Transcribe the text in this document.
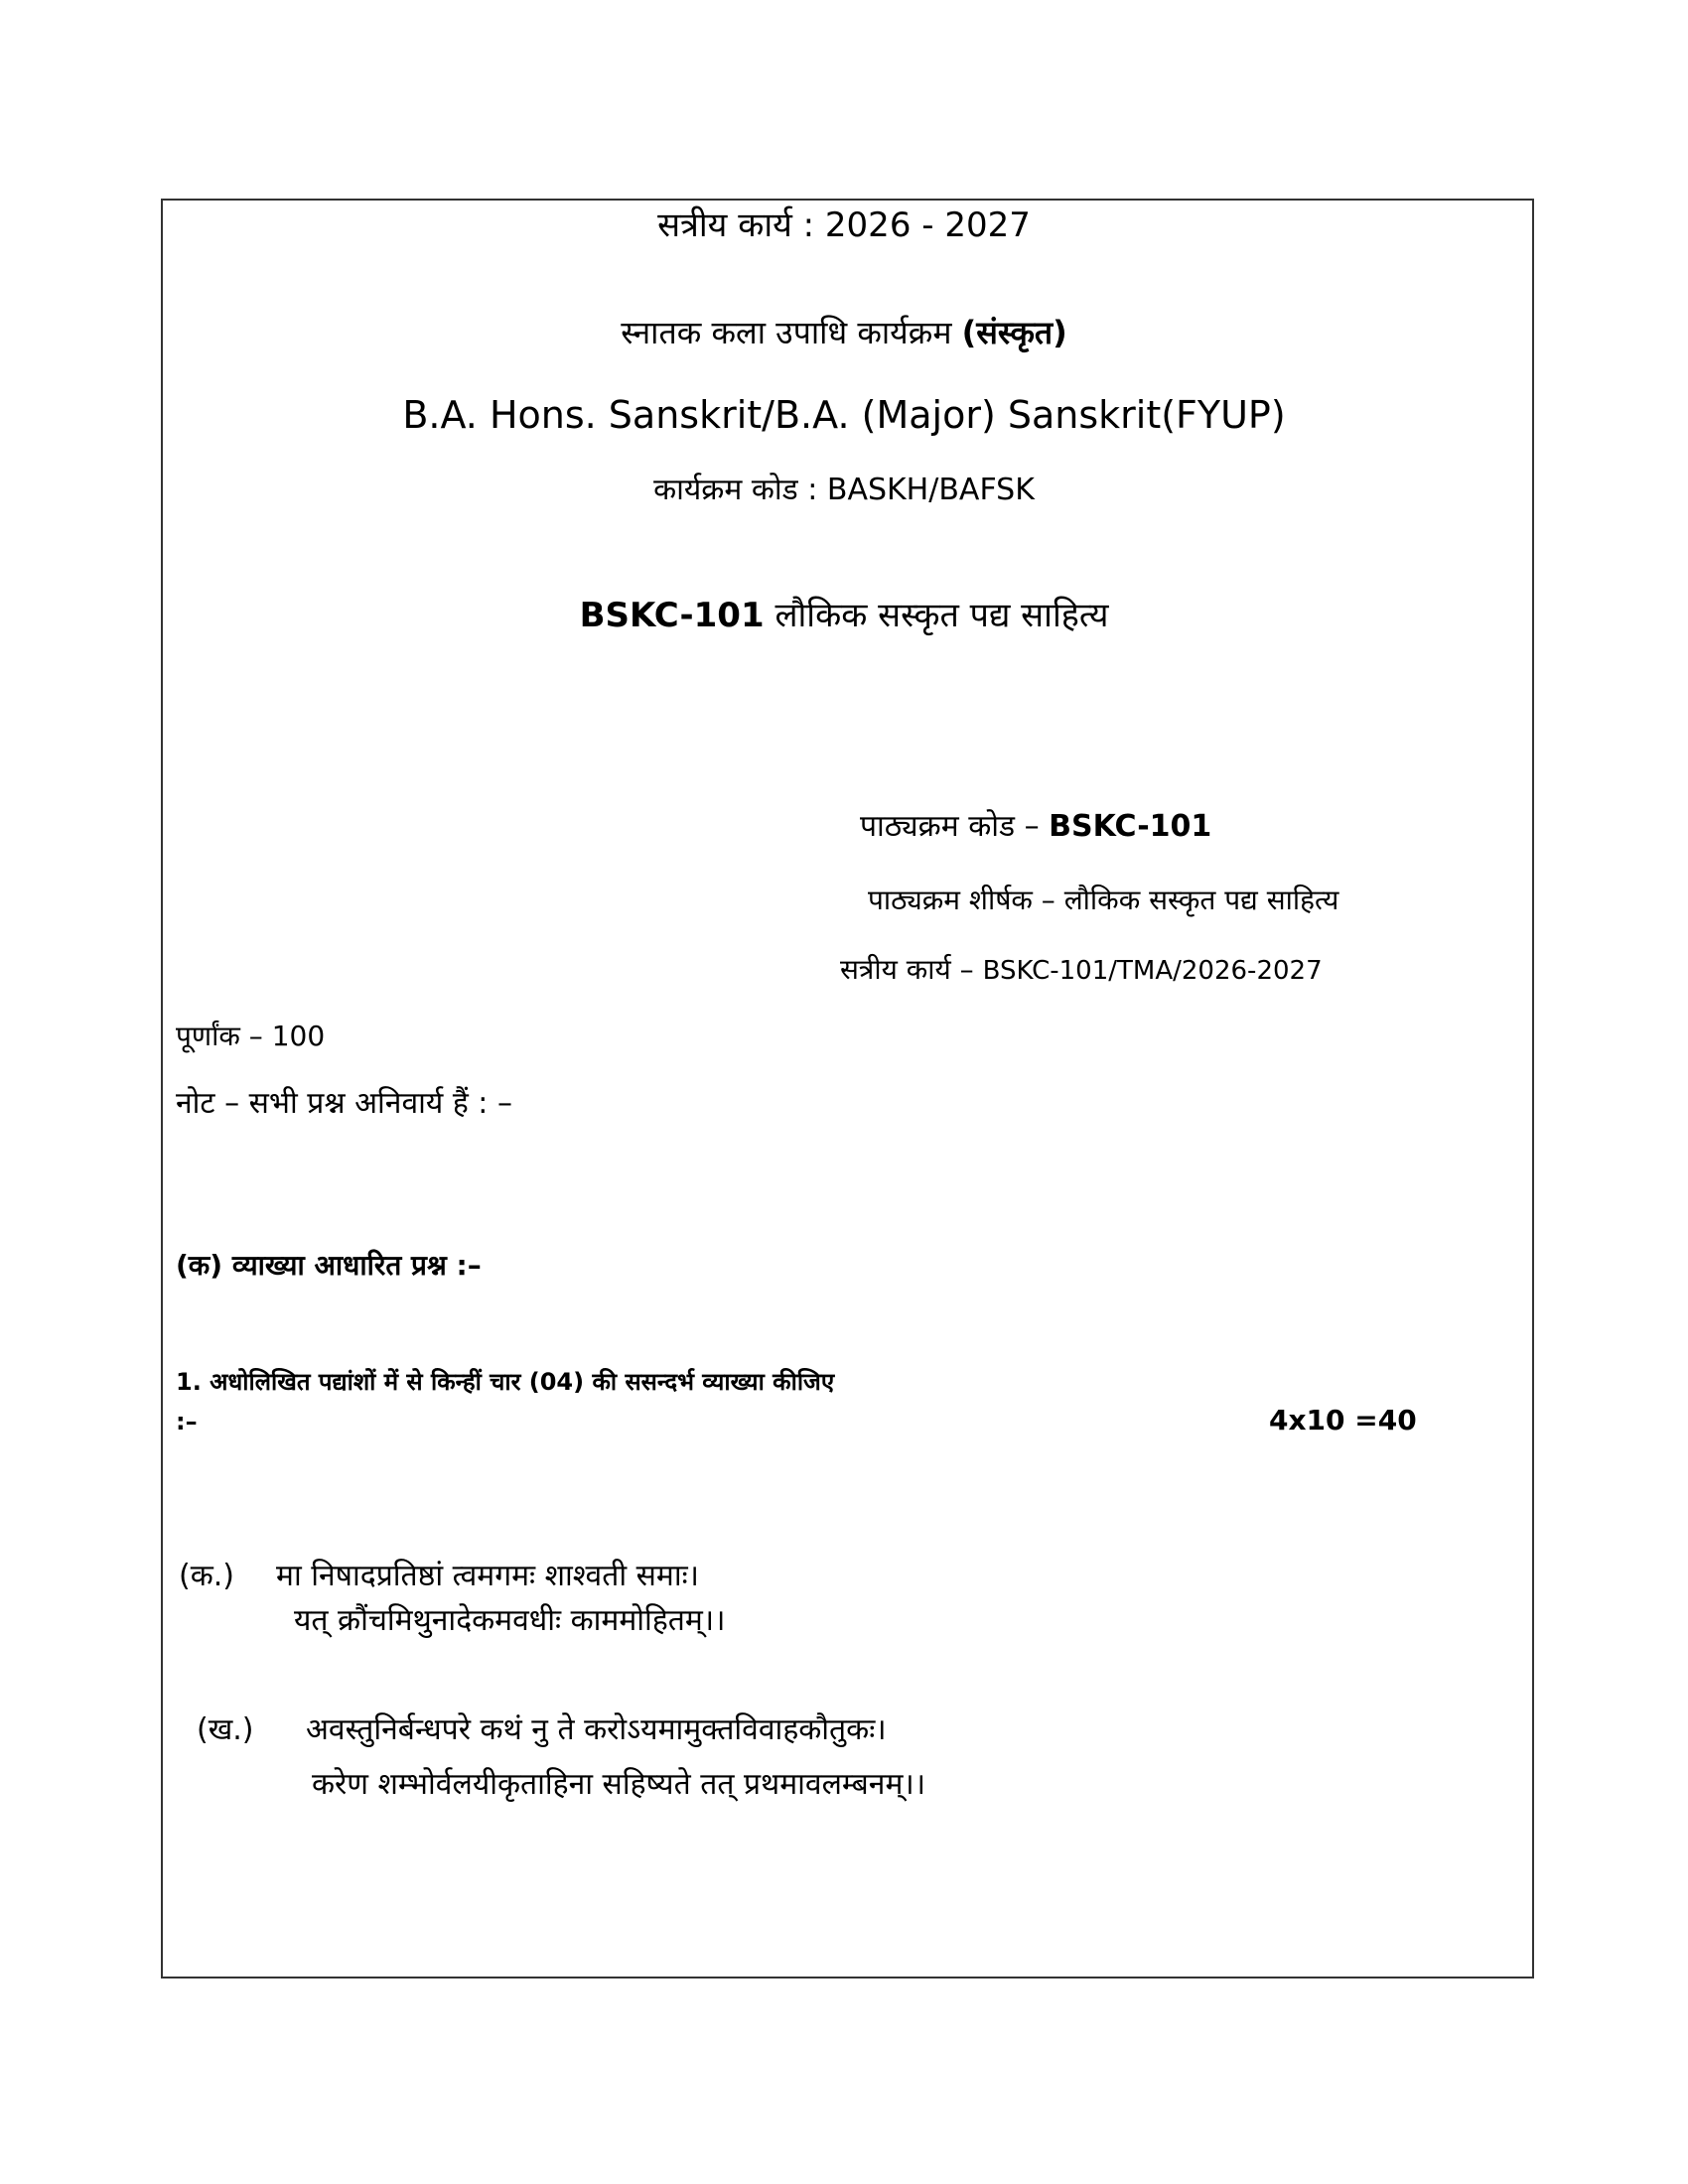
सत्रीय कार्य : 2026 - 2027
स्नातक कला उपाधि कार्यक्रम (संस्कृत)
B.A. Hons. Sanskrit/B.A. (Major) Sanskrit(FYUP)
कार्यक्रम कोड : BASKH/BAFSK
BSKC-101 लौकिक सस्कृत पद्य साहित्य
पाठ्यक्रम कोड – BSKC-101
पाठ्यक्रम शीर्षक – लौकिक सस्कृत पद्य साहित्य
सत्रीय कार्य – BSKC-101/TMA/2026-2027
पूर्णांक – 100
नोट – सभी प्रश्न अनिवार्य हैं : –
(क) व्याख्या आधारित प्रश्न :–
1. अधोलिखित पद्यांशों में से किन्हीं चार (04) की ससन्दर्भ व्याख्या कीजिए
:–	4x10 =40
(क.) मा निषादप्रतिष्ठां त्वमगमः शाश्वती समाः।
यत् क्रौंचमिथुनादेकमवधीः काममोहितम्।।
(ख.) अवस्तुनिर्बन्धपरे कथं नु ते करोऽयमामुक्तविवाहकौतुकः।
करेण शम्भोर्वलयीकृताहिना सहिष्यते तत् प्रथमावलम्बनम्।।
